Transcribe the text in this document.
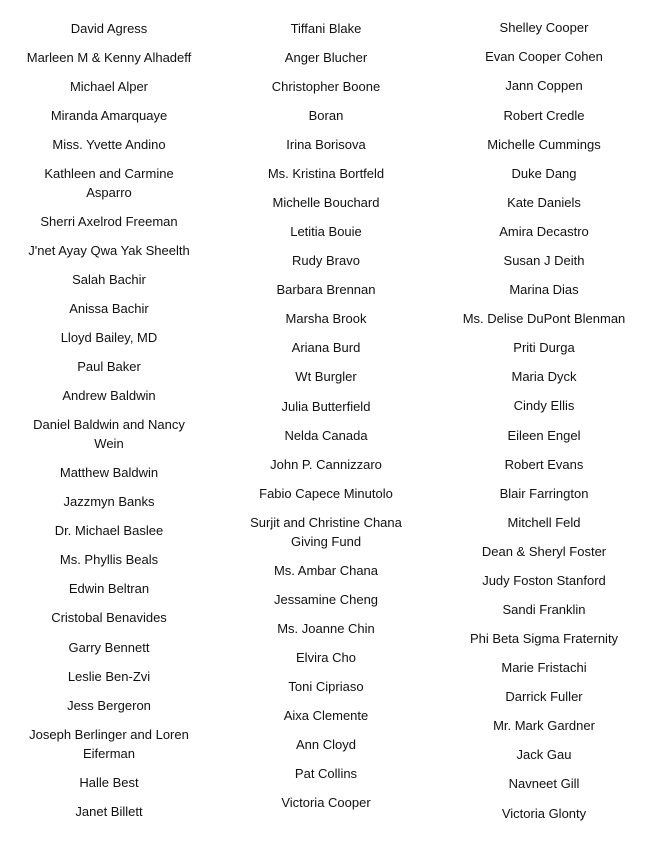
David Agress
Marleen M & Kenny Alhadeff
Michael Alper
Miranda Amarquaye
Miss. Yvette Andino
Kathleen and Carmine Asparro
Sherri Axelrod Freeman
J'net Ayay Qwa Yak Sheelth
Salah Bachir
Anissa Bachir
Lloyd Bailey, MD
Paul Baker
Andrew Baldwin
Daniel Baldwin and Nancy Wein
Matthew Baldwin
Jazzmyn Banks
Dr. Michael Baslee
Ms. Phyllis Beals
Edwin Beltran
Cristobal Benavides
Garry Bennett
Leslie Ben-Zvi
Jess Bergeron
Joseph Berlinger and Loren Eiferman
Halle Best
Janet Billett
Tiffani Blake
Anger Blucher
Christopher Boone
Boran
Irina Borisova
Ms. Kristina Bortfeld
Michelle Bouchard
Letitia Bouie
Rudy Bravo
Barbara Brennan
Marsha Brook
Ariana Burd
Wt Burgler
Julia Butterfield
Nelda Canada
John P. Cannizzaro
Fabio Capece Minutolo
Surjit and Christine Chana Giving Fund
Ms. Ambar Chana
Jessamine Cheng
Ms. Joanne Chin
Elvira Cho
Toni Cipriaso
Aixa Clemente
Ann Cloyd
Pat Collins
Victoria Cooper
Shelley Cooper
Evan Cooper Cohen
Jann Coppen
Robert Credle
Michelle Cummings
Duke Dang
Kate Daniels
Amira Decastro
Susan J Deith
Marina Dias
Ms. Delise DuPont Blenman
Priti Durga
Maria Dyck
Cindy Ellis
Eileen Engel
Robert Evans
Blair Farrington
Mitchell Feld
Dean & Sheryl Foster
Judy Foston Stanford
Sandi Franklin
Phi Beta Sigma Fraternity
Marie Fristachi
Darrick Fuller
Mr. Mark Gardner
Jack Gau
Navneet Gill
Victoria Glonty
